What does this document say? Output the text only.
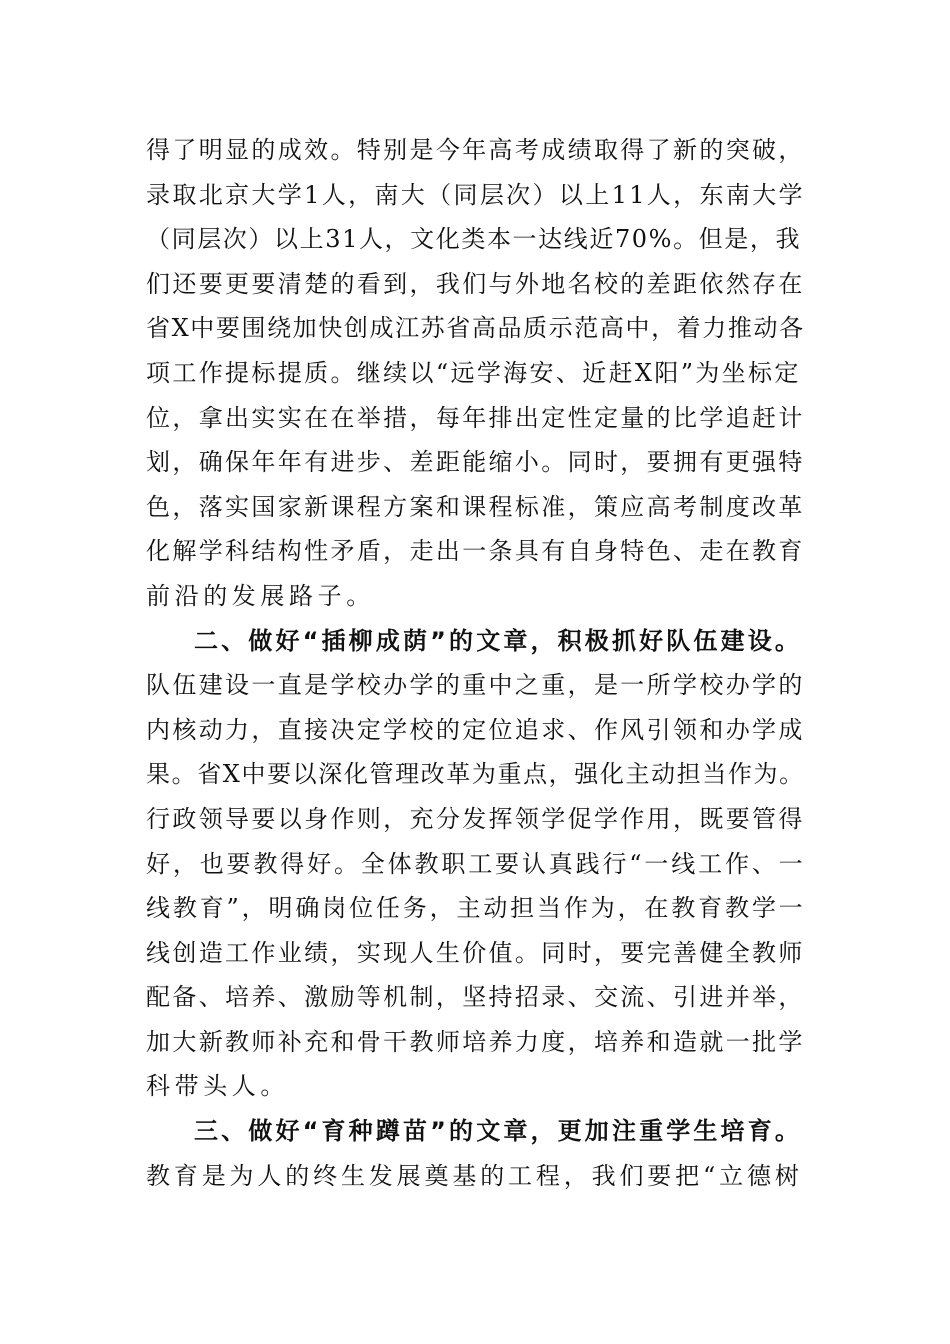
得了明显的成效。特别是今年高考成绩取得了新的突破，
录取北京大学1人，南大（同层次）以上11人，东南大学
（同层次）以上31人，文化类本一达线近70%。但是，我
们还要更要清楚的看到，我们与外地名校的差距依然存在
省X中要围绕加快创成江苏省高品质示范高中，着力推动各
项工作提标提质。继续以“远学海安、近赶X阳”为坐标定
位，拿出实实在在举措，每年排出定性定量的比学追赶计
划，确保年年有进步、差距能缩小。同时，要拥有更强特
色，落实国家新课程方案和课程标准，策应高考制度改革
化解学科结构性矛盾，走出一条具有自身特色、走在教育
前沿的发展路子。
二、做好“插柳成荫”的文章，积极抓好队伍建设。
队伍建设一直是学校办学的重中之重，是一所学校办学的
内核动力，直接决定学校的定位追求、作风引领和办学成
果。省X中要以深化管理改革为重点，强化主动担当作为。
行政领导要以身作则，充分发挥领学促学作用，既要管得
好，也要教得好。全体教职工要认真践行“一线工作、一
线教育”，明确岗位任务，主动担当作为，在教育教学一
线创造工作业绩，实现人生价值。同时，要完善健全教师
配备、培养、激励等机制，坚持招录、交流、引进并举，
加大新教师补充和骨干教师培养力度，培养和造就一批学
科带头人。
三、做好“育种蹲苗”的文章，更加注重学生培育。
教育是为人的终生发展奠基的工程，我们要把“立德树
